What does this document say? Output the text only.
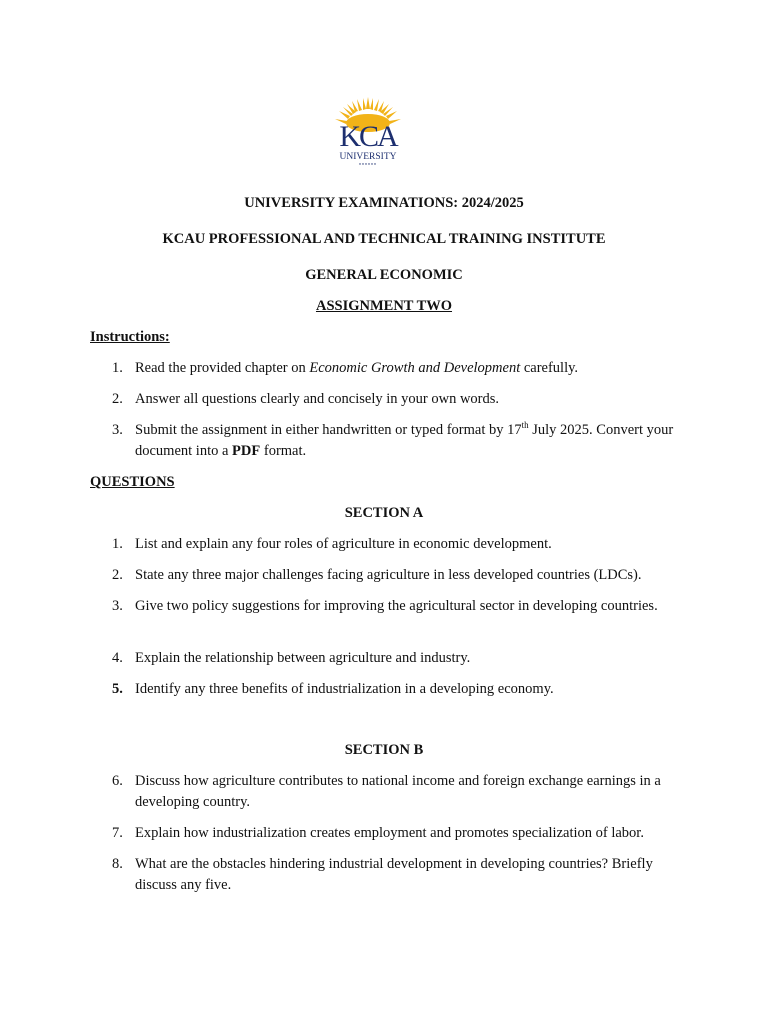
KCA
UNIVERSITY
UNIVERSITY EXAMINATIONS: 2024/2025
KCAU PROFESSIONAL AND TECHNICAL TRAINING INSTITUTE
GENERAL ECONOMIC
ASSIGNMENT TWO
Instructions:
1. Read the provided chapter on Economic Growth and Development carefully.
2. Answer all questions clearly and concisely in your own words.
3. Submit the assignment in either handwritten or typed format by 17th July 2025. Convert your document into a PDF format.
QUESTIONS
SECTION A
1. List and explain any four roles of agriculture in economic development.
2. State any three major challenges facing agriculture in less developed countries (LDCs).
3. Give two policy suggestions for improving the agricultural sector in developing countries.
4. Explain the relationship between agriculture and industry.
5. Identify any three benefits of industrialization in a developing economy.
SECTION B
6. Discuss how agriculture contributes to national income and foreign exchange earnings in a developing country.
7. Explain how industrialization creates employment and promotes specialization of labor.
8. What are the obstacles hindering industrial development in developing countries? Briefly discuss any five.
